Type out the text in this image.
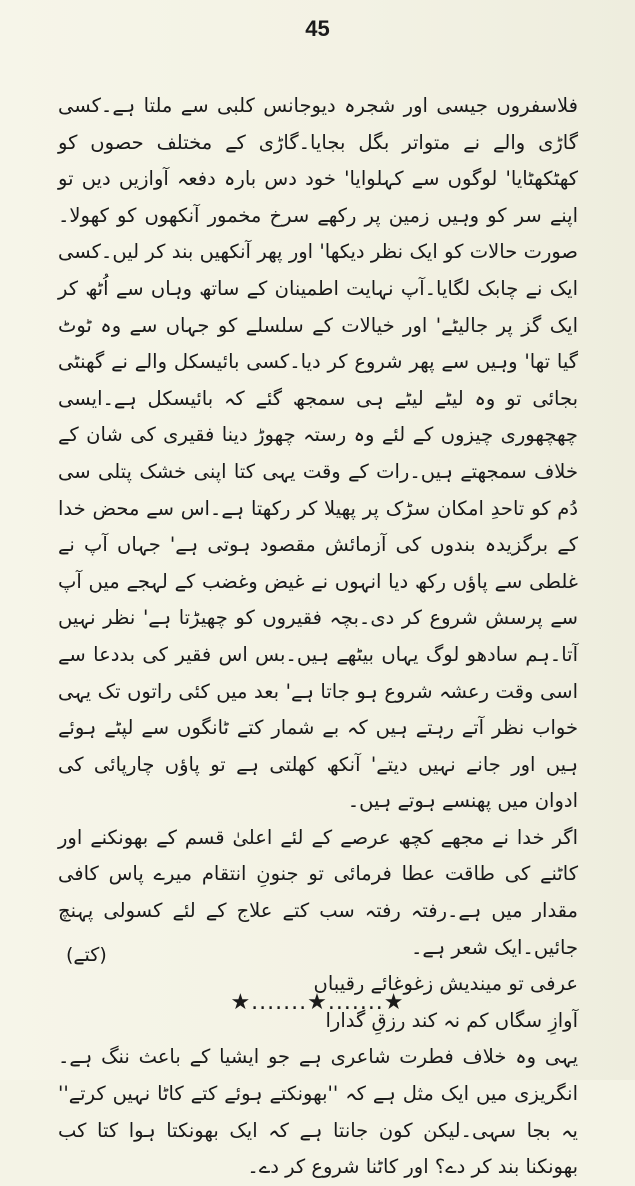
45
فلاسفروں جیسی اور شجرہ دیوجانس کلبی سے ملتا ہے۔کسی گاڑی والے نے متواتر بگل بجایا۔گاڑی کے مختلف حصوں کو کھٹکھٹایا' لوگوں سے کہلوایا' خود دس بارہ دفعہ آوازیں دیں تو اپنے سر کو وہیں زمین پر رکھے سرخ مخمور آنکھوں کو کھولا۔صورت حالات کو ایک نظر دیکھا' اور پھر آنکھیں بند کر لیں۔کسی ایک نے چابک لگایا۔آپ نہایت اطمینان کے ساتھ وہاں سے اُٹھ کر ایک گز پر جالیٹے' اور خیالات کے سلسلے کو جہاں سے وہ ٹوٹ گیا تھا' وہیں سے پھر شروع کر دیا۔کسی بائیسکل والے نے گھنٹی بجائی تو وہ لیٹے لیٹے ہی سمجھ گئے کہ بائیسکل ہے۔ایسی چھچھوری چیزوں کے لئے وہ رستہ چھوڑ دینا فقیری کی شان کے خلاف سمجھتے ہیں۔رات کے وقت یہی کتا اپنی خشک پتلی سی دُم کو تاحدِ امکان سڑک پر پھیلا کر رکھتا ہے۔اس سے محض خدا کے برگزیدہ بندوں کی آزمائش مقصود ہوتی ہے' جہاں آپ نے غلطی سے پاؤں رکھ دیا انہوں نے غیض وغضب کے لہجے میں آپ سے پرسش شروع کر دی۔بچہ فقیروں کو چھیڑتا ہے' نظر نہیں آتا۔ہم سادھو لوگ یہاں بیٹھے ہیں۔بس اس فقیر کی بددعا سے اسی وقت رعشہ شروع ہو جاتا ہے' بعد میں کئی راتوں تک یہی خواب نظر آتے رہتے ہیں کہ بے شمار کتے ٹانگوں سے لپٹے ہوئے ہیں اور جانے نہیں دیتے' آنکھ کھلتی ہے تو پاؤں چارپائی کی ادوان میں پھنسے ہوتے ہیں۔
اگر خدا نے مجھے کچھ عرصے کے لئے اعلیٰ قسم کے بھونکنے اور کاٹنے کی طاقت عطا فرمائی تو جنونِ انتقام میرے پاس کافی مقدار میں ہے۔رفتہ رفتہ سب کتے علاج کے لئے کسولی پہنچ جائیں۔ایک شعر ہے۔

عرفی تو میندیش زغوغائے رقیباں

آوازِ سگاں کم نہ کند رزقِ گدارا

یہی وہ خلاف فطرت شاعری ہے جو ایشیا کے باعث ننگ ہے۔انگریزی میں ایک مثل ہے کہ ''بھونکتے ہوئے کتے کاٹا نہیں کرتے'' یہ بجا سہی۔لیکن کون جانتا ہے کہ ایک بھونکتا ہوا کتا کب بھونکنا بند کر دے؟ اور کاٹنا شروع کر دے۔
(کتے)
★.......★.......★
